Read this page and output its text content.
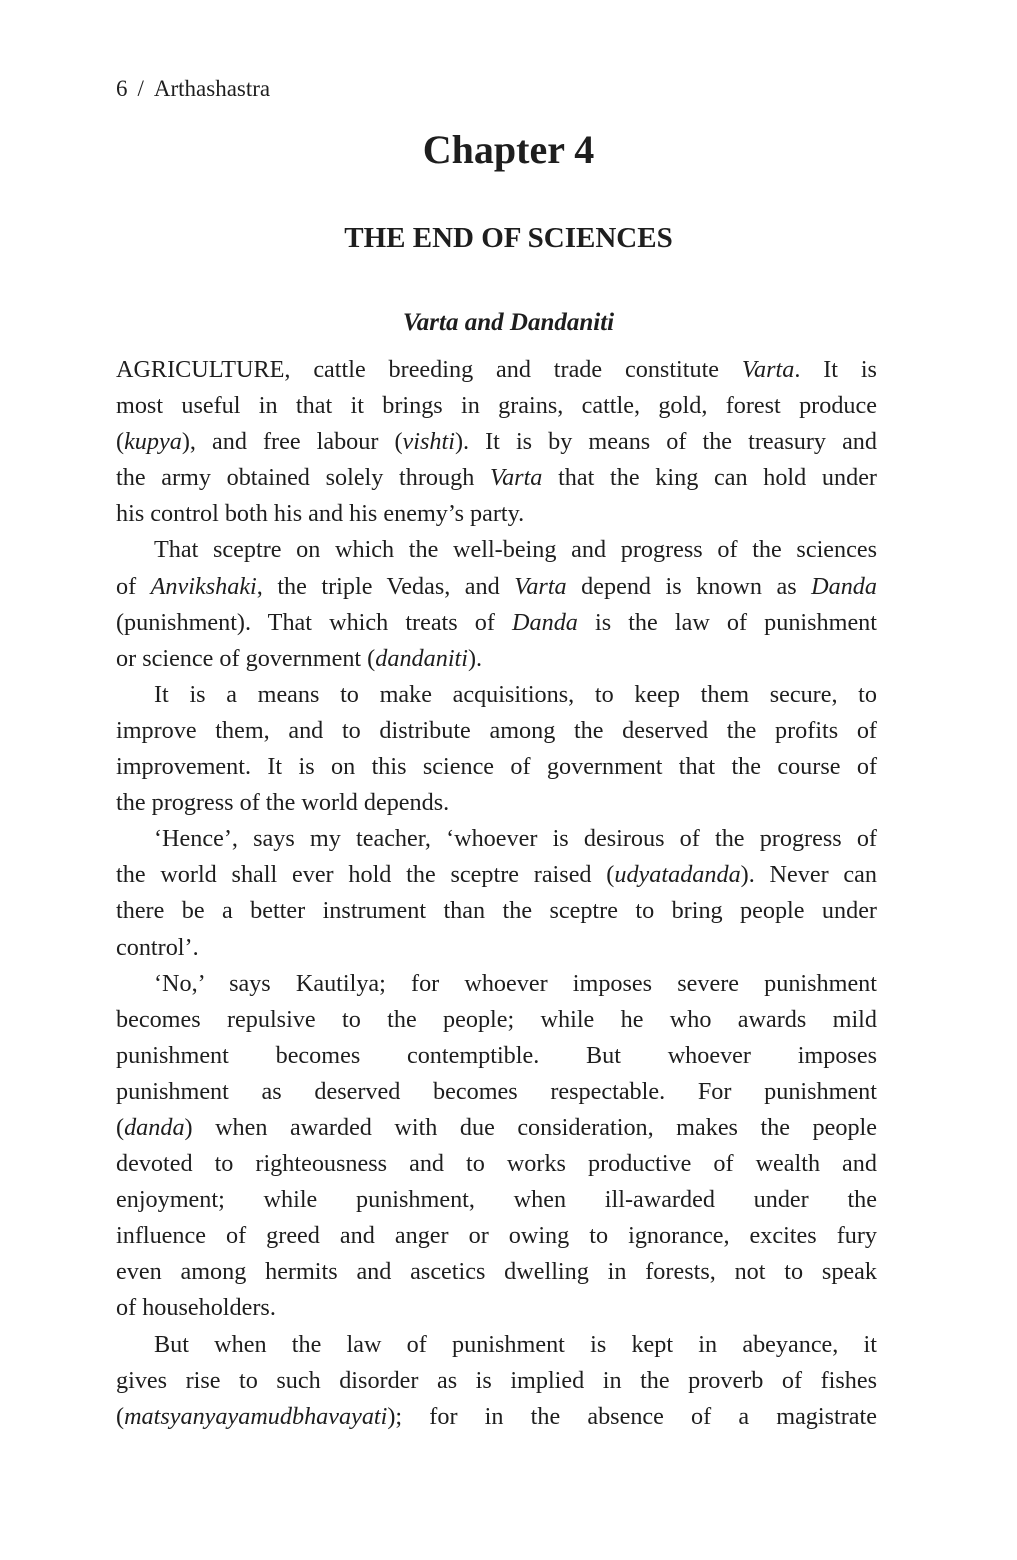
6 / Arthashastra
Chapter 4
THE END OF SCIENCES
Varta and Dandaniti
AGRICULTURE, cattle breeding and trade constitute Varta. It is
most useful in that it brings in grains, cattle, gold, forest produce
(kupya), and free labour (vishti). It is by means of the treasury and
the army obtained solely through Varta that the king can hold under
his control both his and his enemy’s party.
That sceptre on which the well-being and progress of the sciences
of Anvikshaki, the triple Vedas, and Varta depend is known as Danda
(punishment). That which treats of Danda is the law of punishment
or science of government (dandaniti).
It is a means to make acquisitions, to keep them secure, to
improve them, and to distribute among the deserved the profits of
improvement. It is on this science of government that the course of
the progress of the world depends.
‘Hence’, says my teacher, ‘whoever is desirous of the progress of
the world shall ever hold the sceptre raised (udyatadanda). Never can
there be a better instrument than the sceptre to bring people under
control’.
‘No,’ says Kautilya; for whoever imposes severe punishment
becomes repulsive to the people; while he who awards mild
punishment becomes contemptible. But whoever imposes
punishment as deserved becomes respectable. For punishment
(danda) when awarded with due consideration, makes the people
devoted to righteousness and to works productive of wealth and
enjoyment; while punishment, when ill-awarded under the
influence of greed and anger or owing to ignorance, excites fury
even among hermits and ascetics dwelling in forests, not to speak
of householders.
But when the law of punishment is kept in abeyance, it
gives rise to such disorder as is implied in the proverb of fishes
(matsyanyayamudbhavayati); for in the absence of a magistrate
